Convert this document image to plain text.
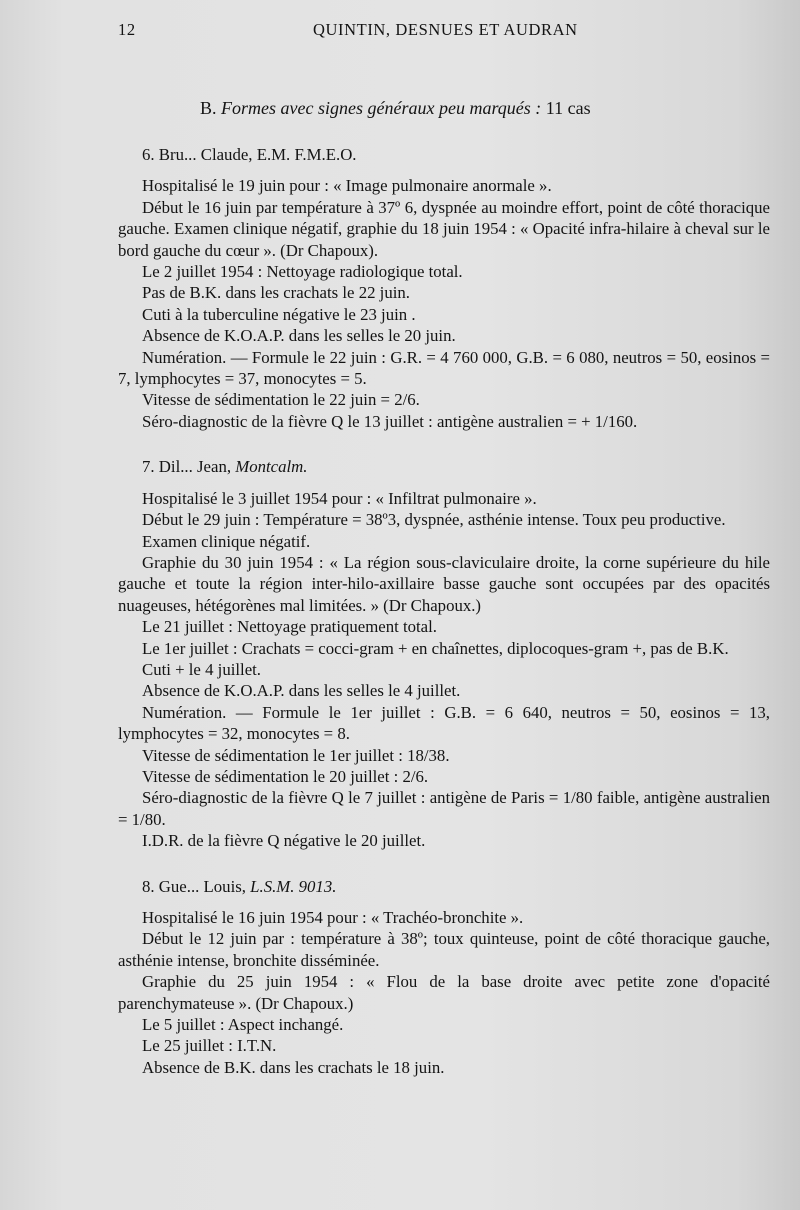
12	QUINTIN, DESNUES ET AUDRAN
B. Formes avec signes généraux peu marqués : 11 cas
6. Bru... Claude, E.M. F.M.E.O.

Hospitalisé le 19 juin pour : « Image pulmonaire anormale ».

Début le 16 juin par température à 37º 6, dyspnée au moindre effort, point de côté thoracique gauche. Examen clinique négatif, graphie du 18 juin 1954 : « Opacité infra-hilaire à cheval sur le bord gauche du cœur ». (Dr Chapoux).

Le 2 juillet 1954 : Nettoyage radiologique total.

Pas de B.K. dans les crachats le 22 juin.

Cuti à la tuberculine négative le 23 juin .

Absence de K.O.A.P. dans les selles le 20 juin.

Numération. — Formule le 22 juin : G.R. = 4 760 000, G.B. = 6 080, neutros = 50, eosinos = 7, lymphocytes = 37, monocytes = 5.

Vitesse de sédimentation le 22 juin = 2/6.

Séro-diagnostic de la fièvre Q le 13 juillet : antigène australien = + 1/160.

7. Dil... Jean, Montcalm.

Hospitalisé le 3 juillet 1954 pour : « Infiltrat pulmonaire ».

Début le 29 juin : Température = 38º3, dyspnée, asthénie intense. Toux peu productive.

Examen clinique négatif.

Graphie du 30 juin 1954 : « La région sous-claviculaire droite, la corne supérieure du hile gauche et toute la région inter-hilo-axillaire basse gauche sont occupées par des opacités nuageuses, hétégorènes mal limitées. » (Dr Chapoux.)

Le 21 juillet : Nettoyage pratiquement total.

Le 1er juillet : Crachats = cocci-gram + en chaînettes, diplocoques-gram +, pas de B.K.

Cuti + le 4 juillet.

Absence de K.O.A.P. dans les selles le 4 juillet.

Numération. — Formule le 1er juillet : G.B. = 6 640, neutros = 50, eosinos = 13, lymphocytes = 32, monocytes = 8.

Vitesse de sédimentation le 1er juillet : 18/38.

Vitesse de sédimentation le 20 juillet : 2/6.

Séro-diagnostic de la fièvre Q le 7 juillet : antigène de Paris = 1/80 faible, antigène australien = 1/80.

I.D.R. de la fièvre Q négative le 20 juillet.

8. Gue... Louis, L.S.M. 9013.

Hospitalisé le 16 juin 1954 pour : « Trachéo-bronchite ».

Début le 12 juin par : température à 38º; toux quinteuse, point de côté thoracique gauche, asthénie intense, bronchite disséminée.

Graphie du 25 juin 1954 : « Flou de la base droite avec petite zone d'opacité parenchymateuse ». (Dr Chapoux.)

Le 5 juillet : Aspect inchangé.

Le 25 juillet : I.T.N.

Absence de B.K. dans les crachats le 18 juin.
